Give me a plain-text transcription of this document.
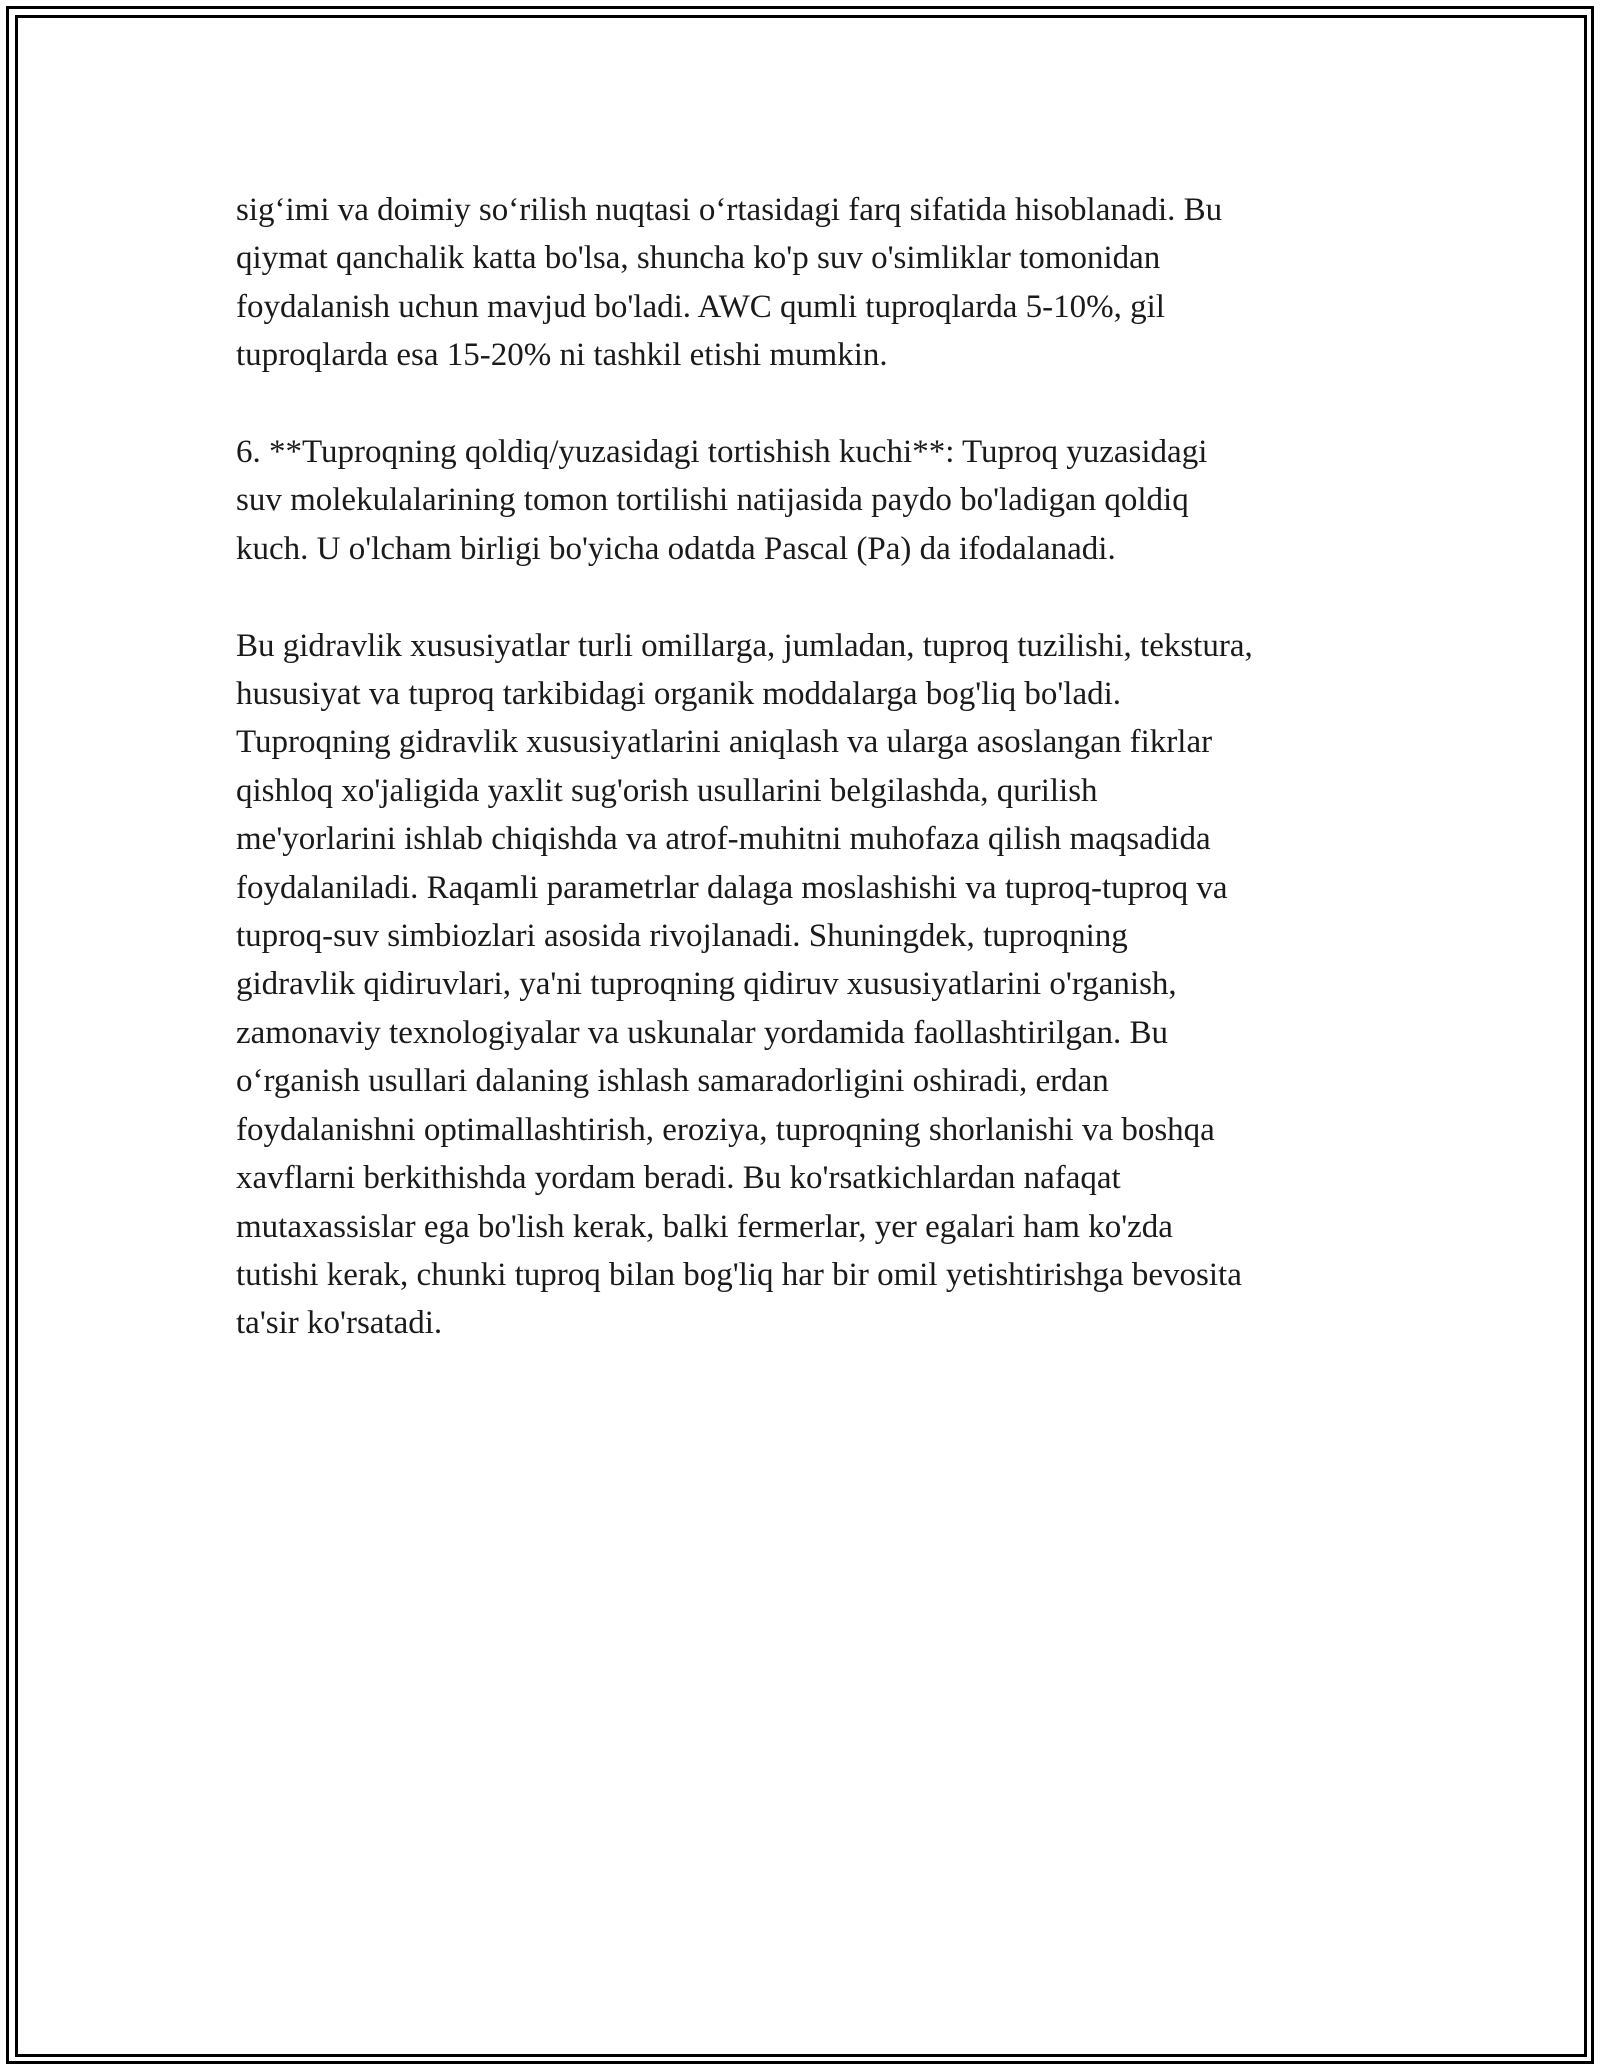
sig‘imi va doimiy so‘rilish nuqtasi o‘rtasidagi farq sifatida hisoblanadi. Bu
qiymat qanchalik katta bo'lsa, shuncha ko'p suv o'simliklar tomonidan
foydalanish uchun mavjud bo'ladi. AWC qumli tuproqlarda 5-10%, gil
tuproqlarda esa 15-20% ni tashkil etishi mumkin.

6. **Tuproqning qoldiq/yuzasidagi tortishish kuchi**: Tuproq yuzasidagi
suv molekulalarining tomon tortilishi natijasida paydo bo'ladigan qoldiq
kuch. U o'lcham birligi bo'yicha odatda Pascal (Pa) da ifodalanadi.

Bu gidravlik xususiyatlar turli omillarga, jumladan, tuproq tuzilishi, tekstura,
hususiyat va tuproq tarkibidagi organik moddalarga bog'liq bo'ladi.
Tuproqning gidravlik xususiyatlarini aniqlash va ularga asoslangan fikrlar
qishloq xo'jaligida yaxlit sug'orish usullarini belgilashda, qurilish
me'yorlarini ishlab chiqishda va atrof-muhitni muhofaza qilish maqsadida
foydalaniladi. Raqamli parametrlar dalaga moslashishi va tuproq-tuproq va
tuproq-suv simbiozlari asosida rivojlanadi. Shuningdek, tuproqning
gidravlik qidiruvlari, ya'ni tuproqning qidiruv xususiyatlarini o'rganish,
zamonaviy texnologiyalar va uskunalar yordamida faollashtirilgan. Bu
o‘rganish usullari dalaning ishlash samaradorligini oshiradi, erdan
foydalanishni optimallashtirish, eroziya, tuproqning shorlanishi va boshqa
xavflarni berkithishda yordam beradi. Bu ko'rsatkichlardan nafaqat
mutaxassislar ega bo'lish kerak, balki fermerlar, yer egalari ham ko'zda
tutishi kerak, chunki tuproq bilan bog'liq har bir omil yetishtirishga bevosita
ta'sir ko'rsatadi.
